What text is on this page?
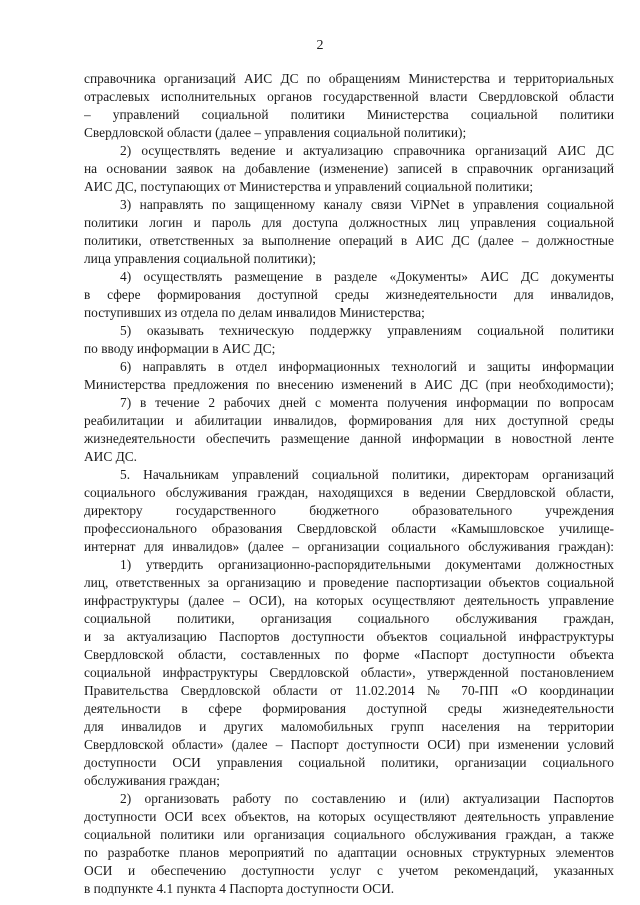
2
справочника организаций АИС ДС по обращениям Министерства и территориальных
отраслевых исполнительных органов государственной власти Свердловской области
– управлений социальной политики Министерства социальной политики
Свердловской области (далее – управления социальной политики);
2) осуществлять ведение и актуализацию справочника организаций АИС ДС
на основании заявок на добавление (изменение) записей в справочник организаций
АИС ДС, поступающих от Министерства и управлений социальной политики;
3) направлять по защищенному каналу связи ViPNet в управления социальной
политики логин и пароль для доступа должностных лиц управления социальной
политики, ответственных за выполнение операций в АИС ДС (далее – должностные
лица управления социальной политики);
4) осуществлять размещение в разделе «Документы» АИС ДС документы
в сфере формирования доступной среды жизнедеятельности для инвалидов,
поступивших из отдела по делам инвалидов Министерства;
5) оказывать техническую поддержку управлениям социальной политики
по вводу информации в АИС ДС;
6) направлять в отдел информационных технологий и защиты информации
Министерства предложения по внесению изменений в АИС ДС (при необходимости);
7) в течение 2 рабочих дней с момента получения информации по вопросам
реабилитации и абилитации инвалидов, формирования для них доступной среды
жизнедеятельности обеспечить размещение данной информации в новостной ленте
АИС ДС.
5. Начальникам управлений социальной политики, директорам организаций
социального обслуживания граждан, находящихся в ведении Свердловской области,
директору государственного бюджетного образовательного учреждения
профессионального образования Свердловской области «Камышловское училище-
интернат для инвалидов» (далее – организации социального обслуживания граждан):
1) утвердить организационно-распорядительными документами должностных
лиц, ответственных за организацию и проведение паспортизации объектов социальной
инфраструктуры (далее – ОСИ), на которых осуществляют деятельность управление
социальной политики, организация социального обслуживания граждан,
и за актуализацию Паспортов доступности объектов социальной инфраструктуры
Свердловской области, составленных по форме «Паспорт доступности объекта
социальной инфраструктуры Свердловской области», утвержденной постановлением
Правительства Свердловской области от 11.02.2014 № 70-ПП «О координации
деятельности в сфере формирования доступной среды жизнедеятельности
для инвалидов и других маломобильных групп населения на территории
Свердловской области» (далее – Паспорт доступности ОСИ) при изменении условий
доступности ОСИ управления социальной политики, организации социального
обслуживания граждан;
2) организовать работу по составлению и (или) актуализации Паспортов
доступности ОСИ всех объектов, на которых осуществляют деятельность управление
социальной политики или организация социального обслуживания граждан, а также
по разработке планов мероприятий по адаптации основных структурных элементов
ОСИ и обеспечению доступности услуг с учетом рекомендаций, указанных
в подпункте 4.1 пункта 4 Паспорта доступности ОСИ.
